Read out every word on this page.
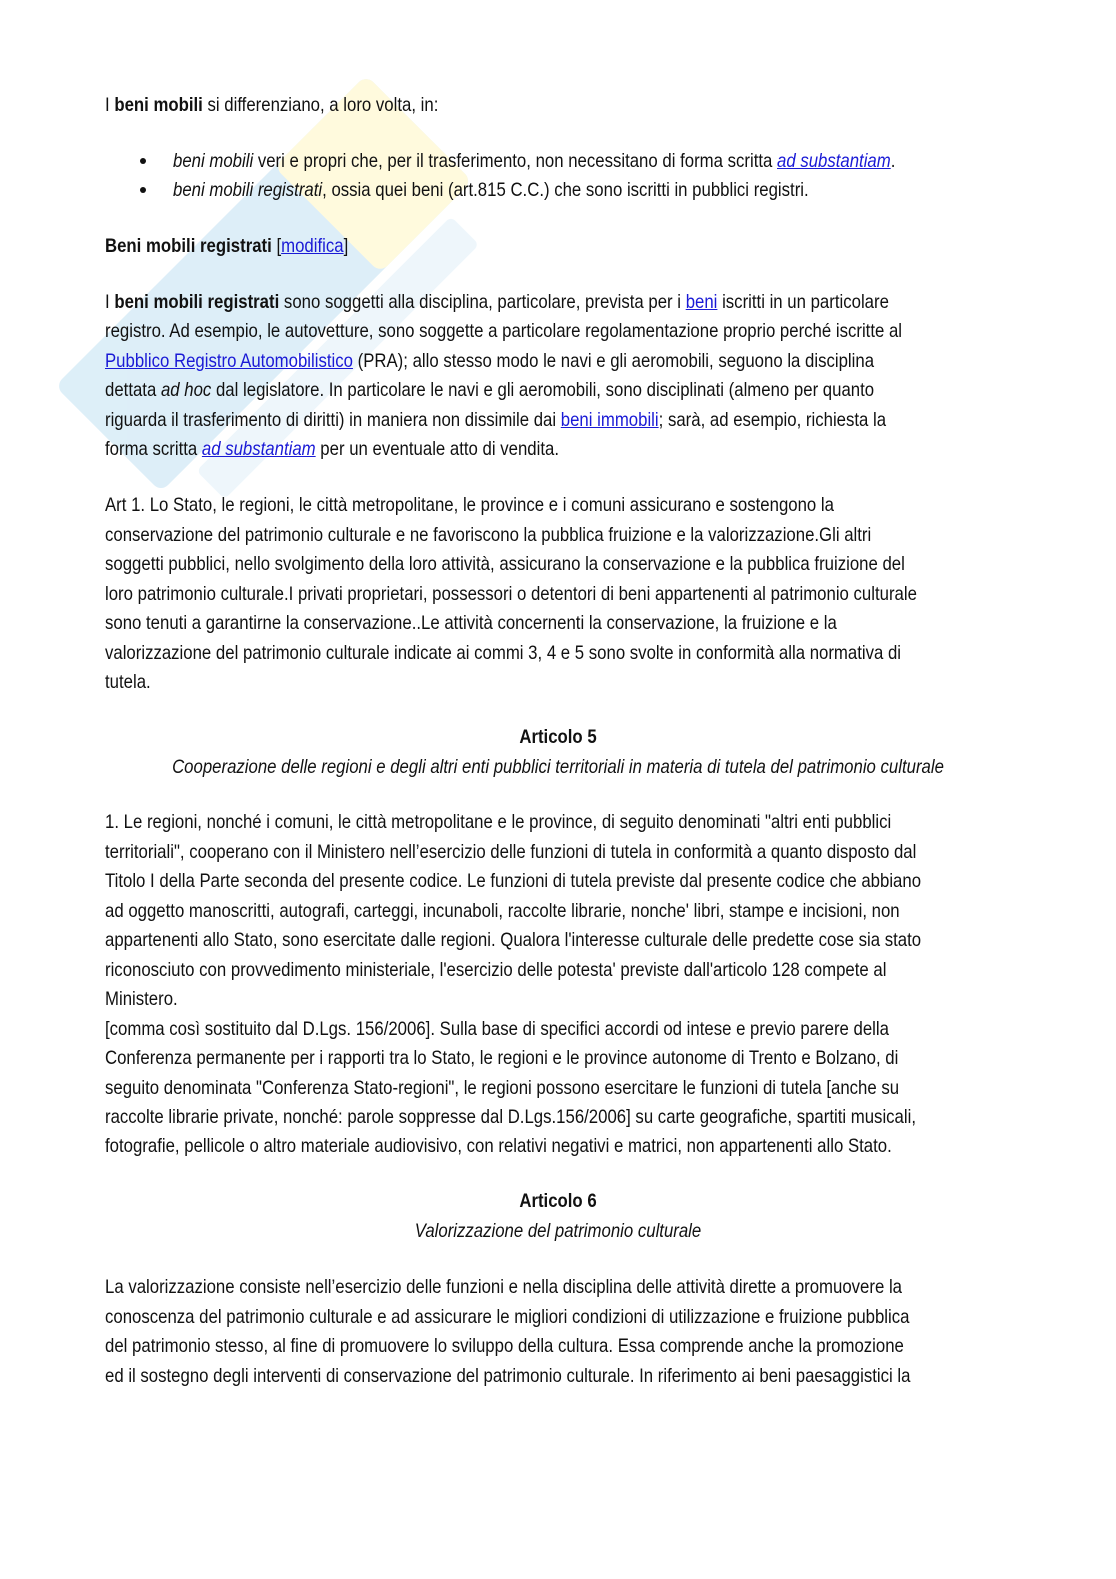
I beni mobili si differenziano, a loro volta, in:
beni mobili veri e propri che, per il trasferimento, non necessitano di forma scritta ad substantiam.
beni mobili registrati, ossia quei beni (art.815 C.C.) che sono iscritti in pubblici registri.
Beni mobili registrati [modifica]
I beni mobili registrati sono soggetti alla disciplina, particolare, prevista per i beni iscritti in un particolare
registro. Ad esempio, le autovetture, sono soggette a particolare regolamentazione proprio perché iscritte al
Pubblico Registro Automobilistico (PRA); allo stesso modo le navi e gli aeromobili, seguono la disciplina
dettata ad hoc dal legislatore. In particolare le navi e gli aeromobili, sono disciplinati (almeno per quanto
riguarda il trasferimento di diritti) in maniera non dissimile dai beni immobili; sarà, ad esempio, richiesta la
forma scritta ad substantiam per un eventuale atto di vendita.
Art 1. Lo Stato, le regioni, le città metropolitane, le province e i comuni assicurano e sostengono la
conservazione del patrimonio culturale e ne favoriscono la pubblica fruizione e la valorizzazione.Gli altri
soggetti pubblici, nello svolgimento della loro attività, assicurano la conservazione e la pubblica fruizione del
loro patrimonio culturale.I privati proprietari, possessori o detentori di beni appartenenti al patrimonio culturale
sono tenuti a garantirne la conservazione..Le attività concernenti la conservazione, la fruizione e la
valorizzazione del patrimonio culturale indicate ai commi 3, 4 e 5 sono svolte in conformità alla normativa di
tutela.
Articolo 5
Cooperazione delle regioni e degli altri enti pubblici territoriali in materia di tutela del patrimonio culturale
1. Le regioni, nonché i comuni, le città metropolitane e le province, di seguito denominati "altri enti pubblici
territoriali", cooperano con il Ministero nell’esercizio delle funzioni di tutela in conformità a quanto disposto dal
Titolo I della Parte seconda del presente codice. Le funzioni di tutela previste dal presente codice che abbiano
ad oggetto manoscritti, autografi, carteggi, incunaboli, raccolte librarie, nonche' libri, stampe e incisioni, non
appartenenti allo Stato, sono esercitate dalle regioni. Qualora l'interesse culturale delle predette cose sia stato
riconosciuto con provvedimento ministeriale, l'esercizio delle potesta' previste dall'articolo 128 compete al
Ministero.
[comma così sostituito dal D.Lgs. 156/2006]. Sulla base di specifici accordi od intese e previo parere della
Conferenza permanente per i rapporti tra lo Stato, le regioni e le province autonome di Trento e Bolzano, di
seguito denominata "Conferenza Stato-regioni", le regioni possono esercitare le funzioni di tutela [anche su
raccolte librarie private, nonché: parole soppresse dal D.Lgs.156/2006] su carte geografiche, spartiti musicali,
fotografie, pellicole o altro materiale audiovisivo, con relativi negativi e matrici, non appartenenti allo Stato.
Articolo 6
Valorizzazione del patrimonio culturale
La valorizzazione consiste nell’esercizio delle funzioni e nella disciplina delle attività dirette a promuovere la
conoscenza del patrimonio culturale e ad assicurare le migliori condizioni di utilizzazione e fruizione pubblica
del patrimonio stesso, al fine di promuovere lo sviluppo della cultura. Essa comprende anche la promozione
ed il sostegno degli interventi di conservazione del patrimonio culturale. In riferimento ai beni paesaggistici la
